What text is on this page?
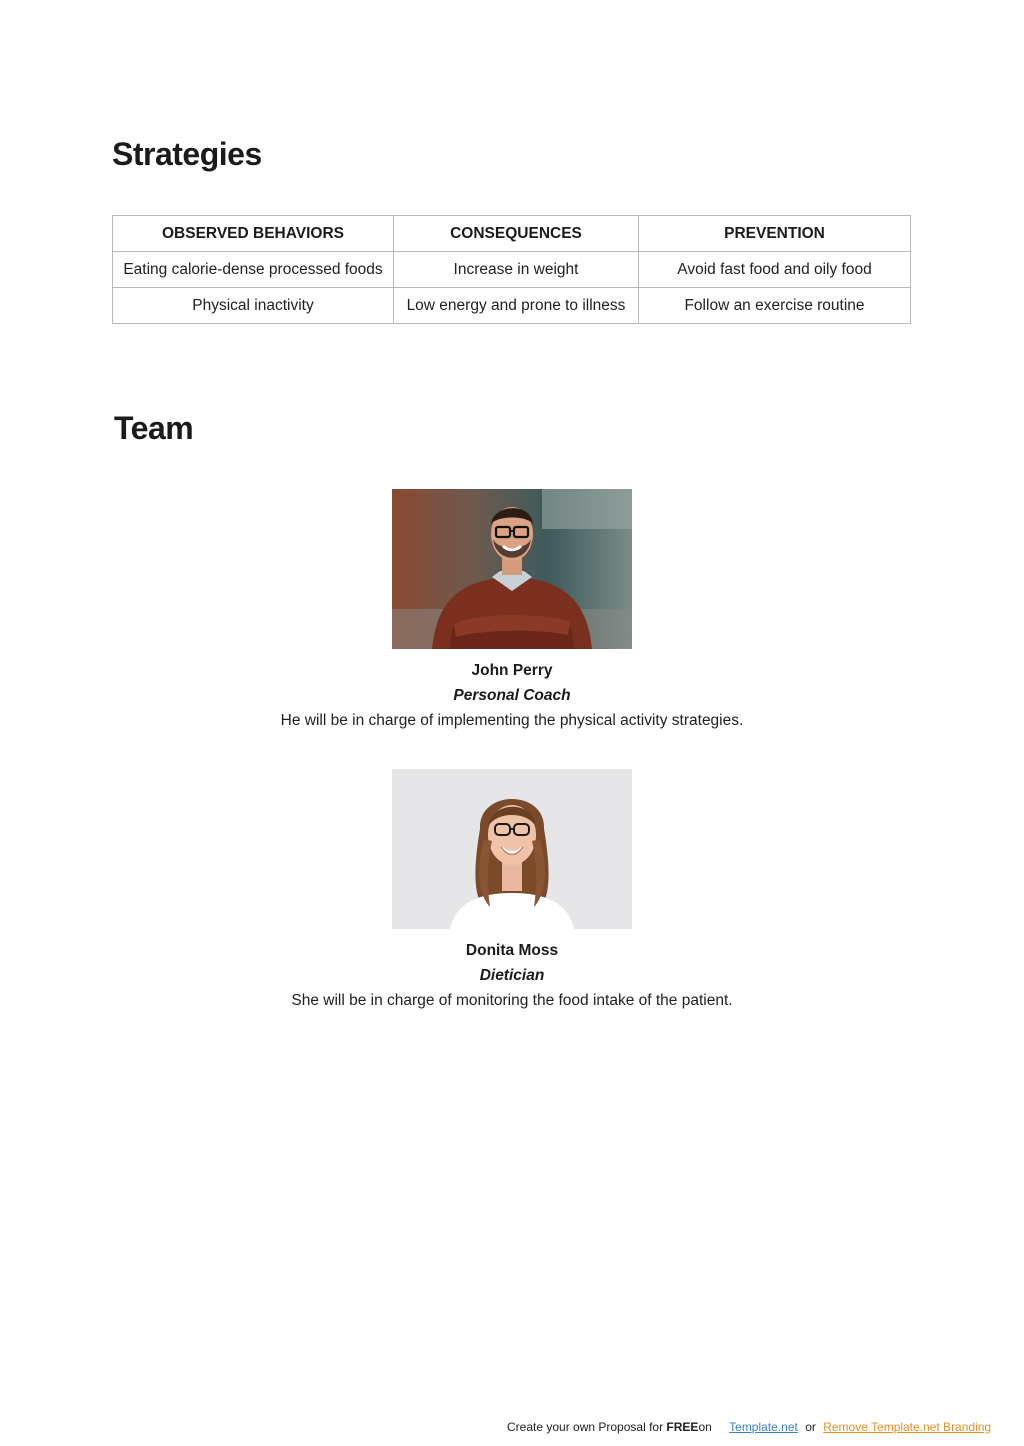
Strategies
OBSERVED BEHAVIORS	CONSEQUENCES	PREVENTION
Eating calorie-dense processed foods	Increase in weight	Avoid fast food and oily food
Physical inactivity	Low energy and prone to illness	Follow an exercise routine
Team
John Perry
Personal Coach
He will be in charge of implementing the physical activity strategies.
Donita Moss
Dietician
She will be in charge of monitoring the food intake of the patient.
Create your own Proposal for FREEon Template.net or Remove Template.net Branding
